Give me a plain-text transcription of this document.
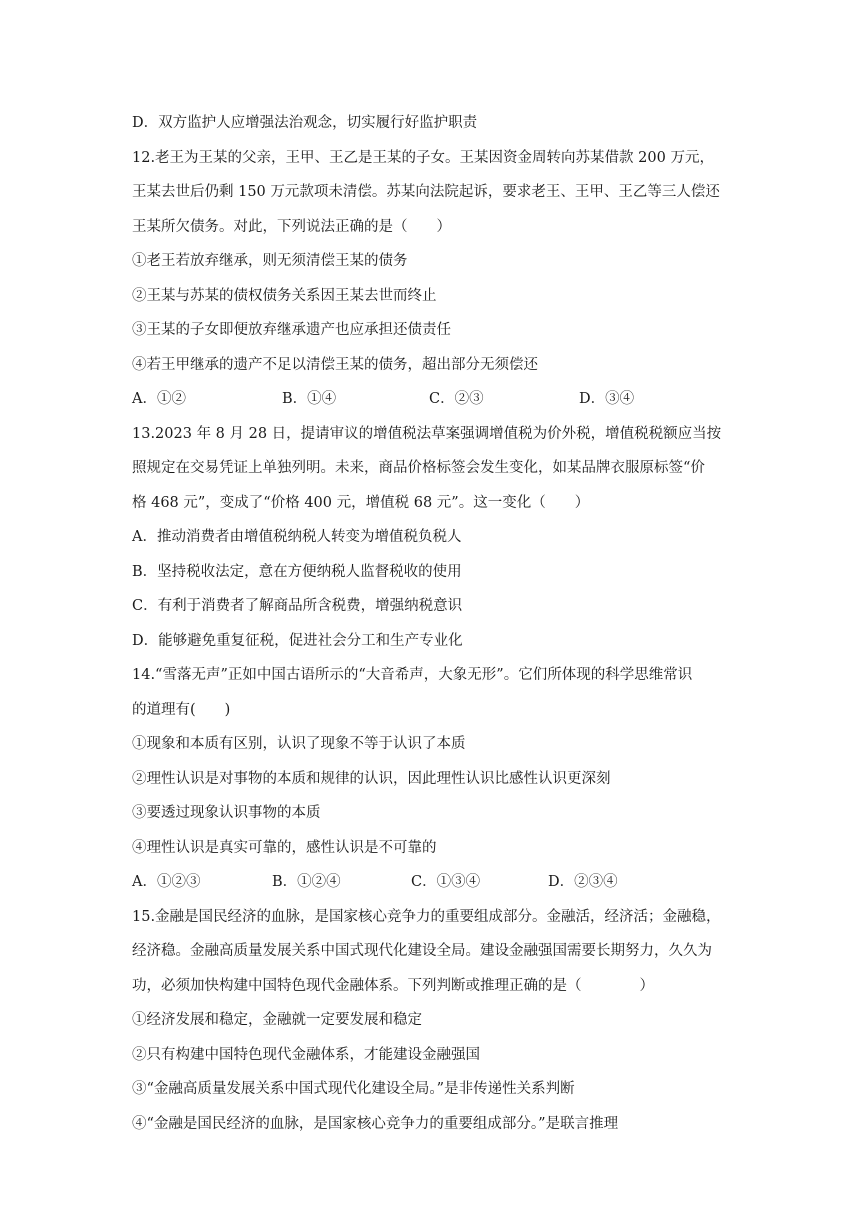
D．双方监护人应增强法治观念，切实履行好监护职责
12.老王为王某的父亲，王甲、王乙是王某的子女。王某因资金周转向苏某借款 200 万元，
王某去世后仍剩 150 万元款项未清偿。苏某向法院起诉，要求老王、王甲、王乙等三人偿还
王某所欠债务。对此，下列说法正确的是（　　）
①老王若放弃继承，则无须清偿王某的债务
②王某与苏某的债权债务关系因王某去世而终止
③王某的子女即便放弃继承遗产也应承担还债责任
④若王甲继承的遗产不足以清偿王某的债务，超出部分无须偿还
A．①②	B．①④	C．②③	D．③④
13.2023 年 8 月 28 日，提请审议的增值税法草案强调增值税为价外税，增值税税额应当按
照规定在交易凭证上单独列明。未来，商品价格标签会发生变化，如某品牌衣服原标签“价
格 468 元”，变成了“价格 400 元，增值税 68 元”。这一变化（　　）
A．推动消费者由增值税纳税人转变为增值税负税人
B．坚持税收法定，意在方便纳税人监督税收的使用
C．有利于消费者了解商品所含税费，增强纳税意识
D．能够避免重复征税，促进社会分工和生产专业化
14.“雪落无声”正如中国古语所示的“大音希声，大象无形”。它们所体现的科学思维常识
的道理有(　　)
①现象和本质有区别，认识了现象不等于认识了本质
②理性认识是对事物的本质和规律的认识，因此理性认识比感性认识更深刻
③要透过现象认识事物的本质
④理性认识是真实可靠的，感性认识是不可靠的
A．①②③	B．①②④	C．①③④	D．②③④
15.金融是国民经济的血脉，是国家核心竞争力的重要组成部分。金融活，经济活；金融稳，
经济稳。金融高质量发展关系中国式现代化建设全局。建设金融强国需要长期努力，久久为
功，必须加快构建中国特色现代金融体系。下列判断或推理正确的是（　　　　）
①经济发展和稳定，金融就一定要发展和稳定
②只有构建中国特色现代金融体系，才能建设金融强国
③“金融高质量发展关系中国式现代化建设全局。”是非传递性关系判断
④“金融是国民经济的血脉，是国家核心竞争力的重要组成部分。”是联言推理
